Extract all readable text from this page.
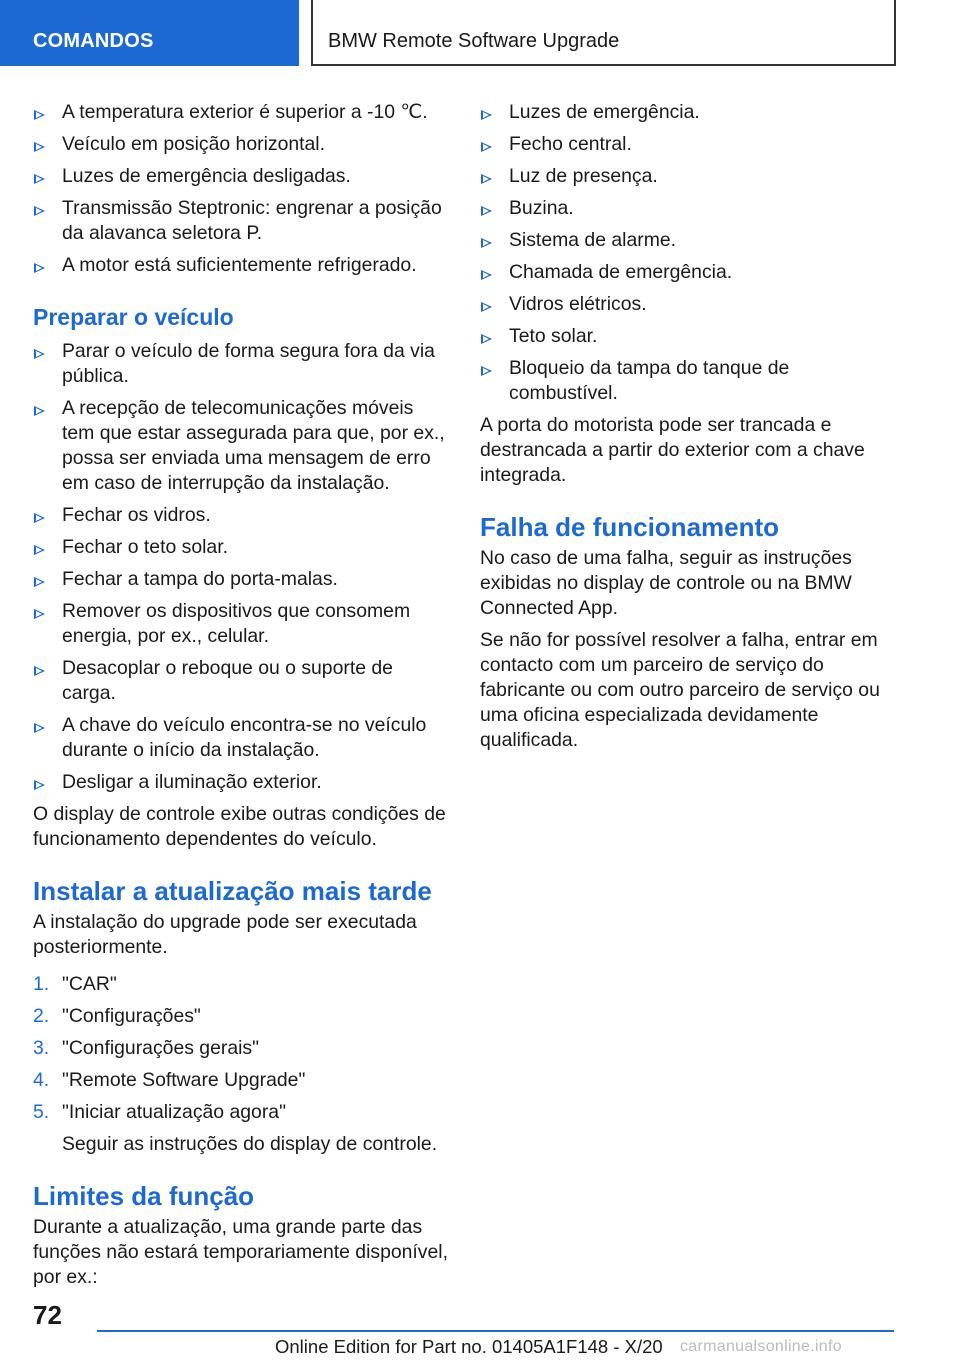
COMANDOS	BMW Remote Software Upgrade
A temperatura exterior é superior a -10 ℃.
Veículo em posição horizontal.
Luzes de emergência desligadas.
Transmissão Steptronic: engrenar a posição da alavanca seletora P.
A motor está suficientemente refrigerado.
Preparar o veículo
Parar o veículo de forma segura fora da via pública.
A recepção de telecomunicações móveis tem que estar assegurada para que, por ex., possa ser enviada uma mensagem de erro em caso de interrupção da instalação.
Fechar os vidros.
Fechar o teto solar.
Fechar a tampa do porta-malas.
Remover os dispositivos que consomem energia, por ex., celular.
Desacoplar o reboque ou o suporte de carga.
A chave do veículo encontra-se no veículo durante o início da instalação.
Desligar a iluminação exterior.
O display de controle exibe outras condições de funcionamento dependentes do veículo.
Instalar a atualização mais tarde
A instalação do upgrade pode ser executada posteriormente.
1. "CAR"
2. "Configurações"
3. "Configurações gerais"
4. "Remote Software Upgrade"
5. "Iniciar atualização agora"
Seguir as instruções do display de controle.
Limites da função
Durante a atualização, uma grande parte das funções não estará temporariamente disponível, por ex.:
Luzes de emergência.
Fecho central.
Luz de presença.
Buzina.
Sistema de alarme.
Chamada de emergência.
Vidros elétricos.
Teto solar.
Bloqueio da tampa do tanque de combustível.
A porta do motorista pode ser trancada e destrancada a partir do exterior com a chave integrada.
Falha de funcionamento
No caso de uma falha, seguir as instruções exibidas no display de controle ou na BMW Connected App.
Se não for possível resolver a falha, entrar em contacto com um parceiro de serviço do fabricante ou com outro parceiro de serviço ou uma oficina especializada devidamente qualificada.
72
Online Edition for Part no. 01405A1F148 - X/20 carmanualsonline.info
